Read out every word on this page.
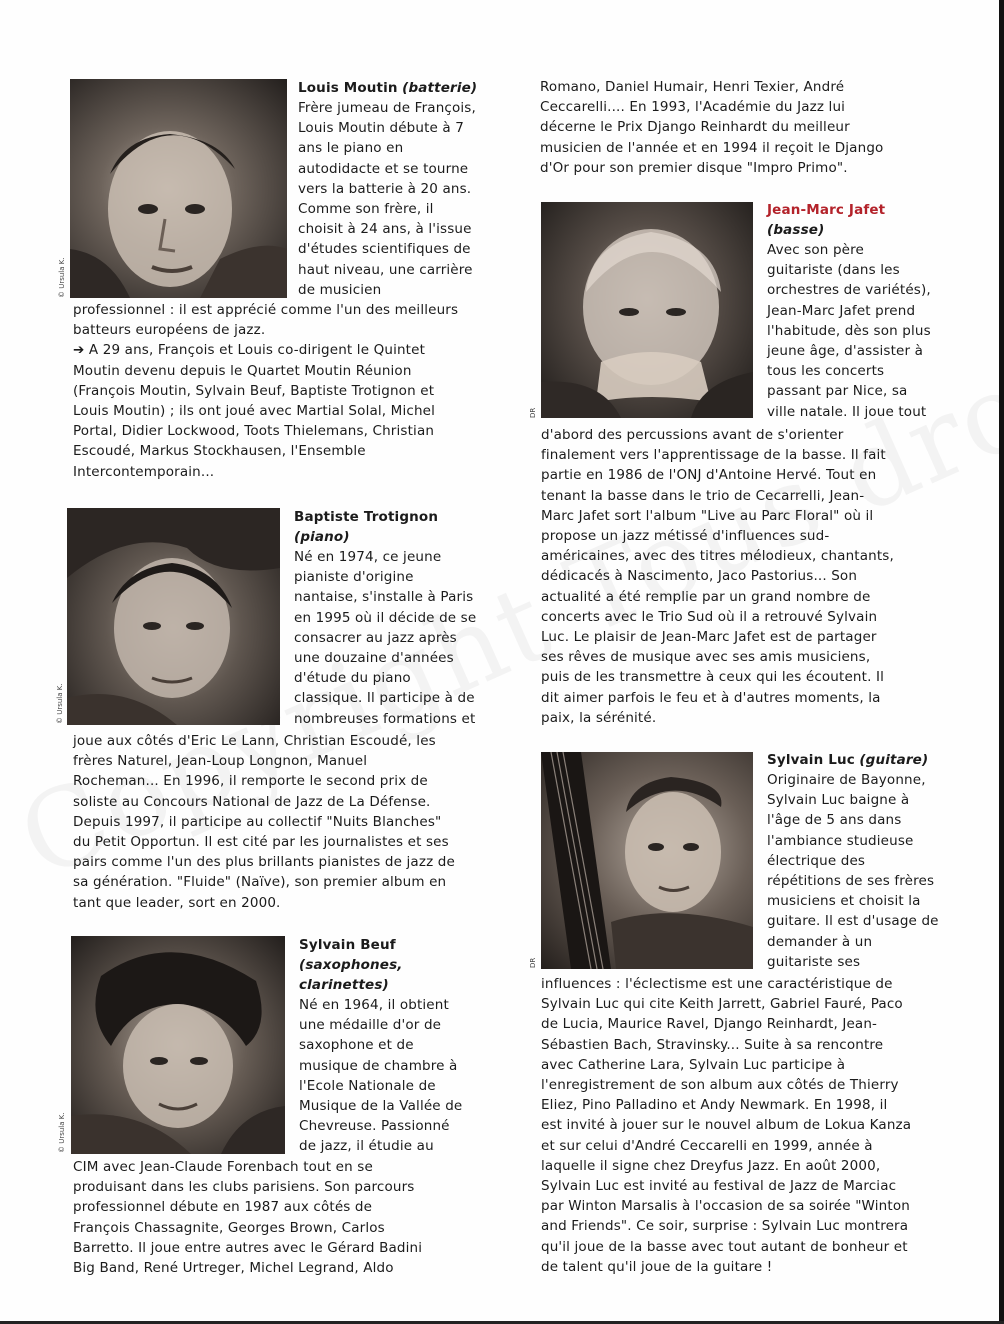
© Ursula K.
Louis Moutin (batterie)
Frère jumeau de François,
Louis Moutin débute à 7
ans le piano en
autodidacte et se tourne
vers la batterie à 20 ans.
Comme son frère, il
choisit à 24 ans, à l'issue
d'études scientifiques de
haut niveau, une carrière
de musicien
professionnel : il est apprécié comme l'un des meilleurs
batteurs européens de jazz.
➔ A 29 ans, François et Louis co-dirigent le Quintet
Moutin devenu depuis le Quartet Moutin Réunion
(François Moutin, Sylvain Beuf, Baptiste Trotignon et
Louis Moutin) ; ils ont joué avec Martial Solal, Michel
Portal, Didier Lockwood, Toots Thielemans, Christian
Escoudé, Markus Stockhausen, l'Ensemble
Intercontemporain...
© Ursula K.
Baptiste Trotignon
(piano)
Né en 1974, ce jeune
pianiste d'origine
nantaise, s'installe à Paris
en 1995 où il décide de se
consacrer au jazz après
une douzaine d'années
d'étude du piano
classique. Il participe à de
nombreuses formations et
joue aux côtés d'Eric Le Lann, Christian Escoudé, les
frères Naturel, Jean-Loup Longnon, Manuel
Rocheman... En 1996, il remporte le second prix de
soliste au Concours National de Jazz de La Défense.
Depuis 1997, il participe au collectif "Nuits Blanches"
du Petit Opportun. Il est cité par les journalistes et ses
pairs comme l'un des plus brillants pianistes de jazz de
sa génération. "Fluide" (Naïve), son premier album en
tant que leader, sort en 2000.
© Ursula K.
Sylvain Beuf
(saxophones,
clarinettes)
Né en 1964, il obtient
une médaille d'or de
saxophone et de
musique de chambre à
l'Ecole Nationale de
Musique de la Vallée de
Chevreuse. Passionné
de jazz, il étudie au
CIM avec Jean-Claude Forenbach tout en se
produisant dans les clubs parisiens. Son parcours
professionnel débute en 1987 aux côtés de
François Chassagnite, Georges Brown, Carlos
Barretto. Il joue entre autres avec le Gérard Badini
Big Band, René Urtreger, Michel Legrand, Aldo
Romano, Daniel Humair, Henri Texier, André
Ceccarelli.... En 1993, l'Académie du Jazz lui
décerne le Prix Django Reinhardt du meilleur
musicien de l'année et en 1994 il reçoit le Django
d'Or pour son premier disque "Impro Primo".
DR
Jean-Marc Jafet
(basse)
Avec son père
guitariste (dans les
orchestres de variétés),
Jean-Marc Jafet prend
l'habitude, dès son plus
jeune âge, d'assister à
tous les concerts
passant par Nice, sa
ville natale. Il joue tout
d'abord des percussions avant de s'orienter
finalement vers l'apprentissage de la basse. Il fait
partie en 1986 de l'ONJ d'Antoine Hervé. Tout en
tenant la basse dans le trio de Cecarrelli, Jean-
Marc Jafet sort l'album "Live au Parc Floral" où il
propose un jazz métissé d'influences sud-
américaines, avec des titres mélodieux, chantants,
dédicacés à Nascimento, Jaco Pastorius... Son
actualité a été remplie par un grand nombre de
concerts avec le Trio Sud où il a retrouvé Sylvain
Luc. Le plaisir de Jean-Marc Jafet est de partager
ses rêves de musique avec ses amis musiciens,
puis de les transmettre à ceux qui les écoutent. Il
dit aimer parfois le feu et à d'autres moments, la
paix, la sérénité.
DR
Sylvain Luc (guitare)
Originaire de Bayonne,
Sylvain Luc baigne à
l'âge de 5 ans dans
l'ambiance studieuse
électrique des
répétitions de ses frères
musiciens et choisit la
guitare. Il est d'usage de
demander à un
guitariste ses
influences : l'éclectisme est une caractéristique de
Sylvain Luc qui cite Keith Jarrett, Gabriel Fauré, Paco
de Lucia, Maurice Ravel, Django Reinhardt, Jean-
Sébastien Bach, Stravinsky... Suite à sa rencontre
avec Catherine Lara, Sylvain Luc participe à
l'enregistrement de son album aux côtés de Thierry
Eliez, Pino Palladino et Andy Newmark. En 1998, il
est invité à jouer sur le nouvel album de Lokua Kanza
et sur celui d'André Ceccarelli en 1999, année à
laquelle il signe chez Dreyfus Jazz. En août 2000,
Sylvain Luc est invité au festival de Jazz de Marciac
par Winton Marsalis à l'occasion de sa soirée "Winton
and Friends". Ce soir, surprise : Sylvain Luc montrera
qu'il joue de la basse avec tout autant de bonheur et
de talent qu'il joue de la guitare !
